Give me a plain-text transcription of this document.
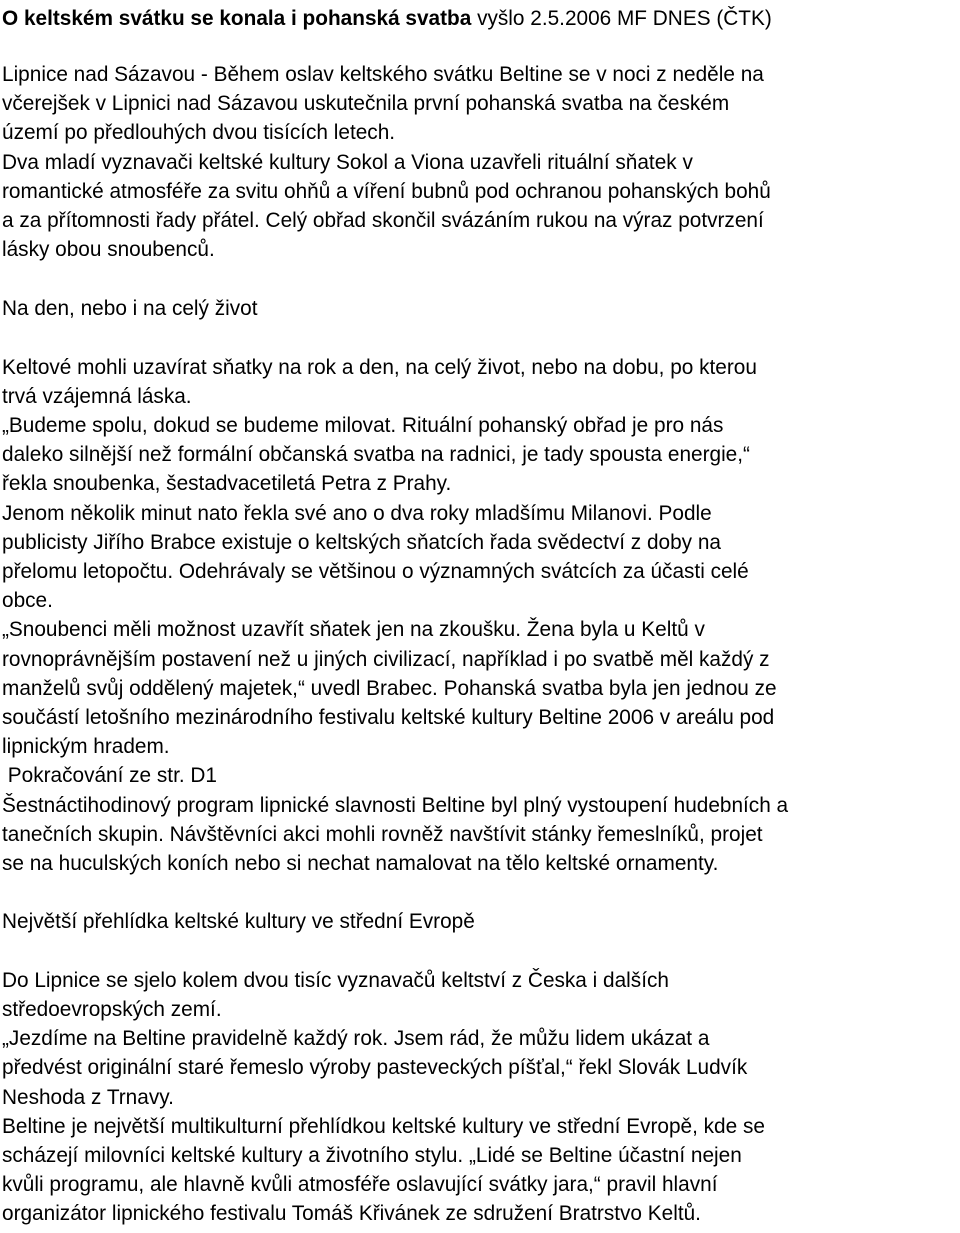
O keltském svátku se konala i pohanská svatba vyšlo 2.5.2006 MF DNES (ČTK)

Lipnice nad Sázavou - Během oslav keltského svátku Beltine se v noci z neděle na

včerejšek v Lipnici nad Sázavou uskutečnila první pohanská svatba na českém

území po předlouhých dvou tisících letech.

Dva mladí vyznavači keltské kultury Sokol a Viona uzavřeli rituální sňatek v

romantické atmosféře za svitu ohňů a víření bubnů pod ochranou pohanských bohů

a za přítomnosti řady přátel. Celý obřad skončil svázáním rukou na výraz potvrzení

lásky obou snoubenců.

Na den, nebo i na celý život

Keltové mohli uzavírat sňatky na rok a den, na celý život, nebo na dobu, po kterou

trvá vzájemná láska.

„Budeme spolu, dokud se budeme milovat. Rituální pohanský obřad je pro nás

daleko silnější než formální občanská svatba na radnici, je tady spousta energie,“

řekla snoubenka, šestadvacetiletá Petra z Prahy.

Jenom několik minut nato řekla své ano o dva roky mladšímu Milanovi. Podle

publicisty Jiřího Brabce existuje o keltských sňatcích řada svědectví z doby na

přelomu letopočtu. Odehrávaly se většinou o významných svátcích za účasti celé

obce.

„Snoubenci měli možnost uzavřít sňatek jen na zkoušku. Žena byla u Keltů v

rovnoprávnějším postavení než u jiných civilizací, například i po svatbě měl každý z

manželů svůj oddělený majetek,“ uvedl Brabec. Pohanská svatba byla jen jednou ze

součástí letošního mezinárodního festivalu keltské kultury Beltine 2006 v areálu pod

lipnickým hradem.

Pokračování ze str. D1

Šestnáctihodinový program lipnické slavnosti Beltine byl plný vystoupení hudebních a

tanečních skupin. Návštěvníci akci mohli rovněž navštívit stánky řemeslníků, projet

se na huculských koních nebo si nechat namalovat na tělo keltské ornamenty.

Největší přehlídka keltské kultury ve střední Evropě

Do Lipnice se sjelo kolem dvou tisíc vyznavačů keltství z Česka i dalších

středoevropských zemí.

„Jezdíme na Beltine pravidelně každý rok. Jsem rád, že můžu lidem ukázat a

předvést originální staré řemeslo výroby pasteveckých píšťal,“ řekl Slovák Ludvík

Neshoda z Trnavy.

Beltine je největší multikulturní přehlídkou keltské kultury ve střední Evropě, kde se

scházejí milovníci keltské kultury a životního stylu. „Lidé se Beltine účastní nejen

kvůli programu, ale hlavně kvůli atmosféře oslavující svátky jara,“ pravil hlavní

organizátor lipnického festivalu Tomáš Křivánek ze sdružení Bratrstvo Keltů.
